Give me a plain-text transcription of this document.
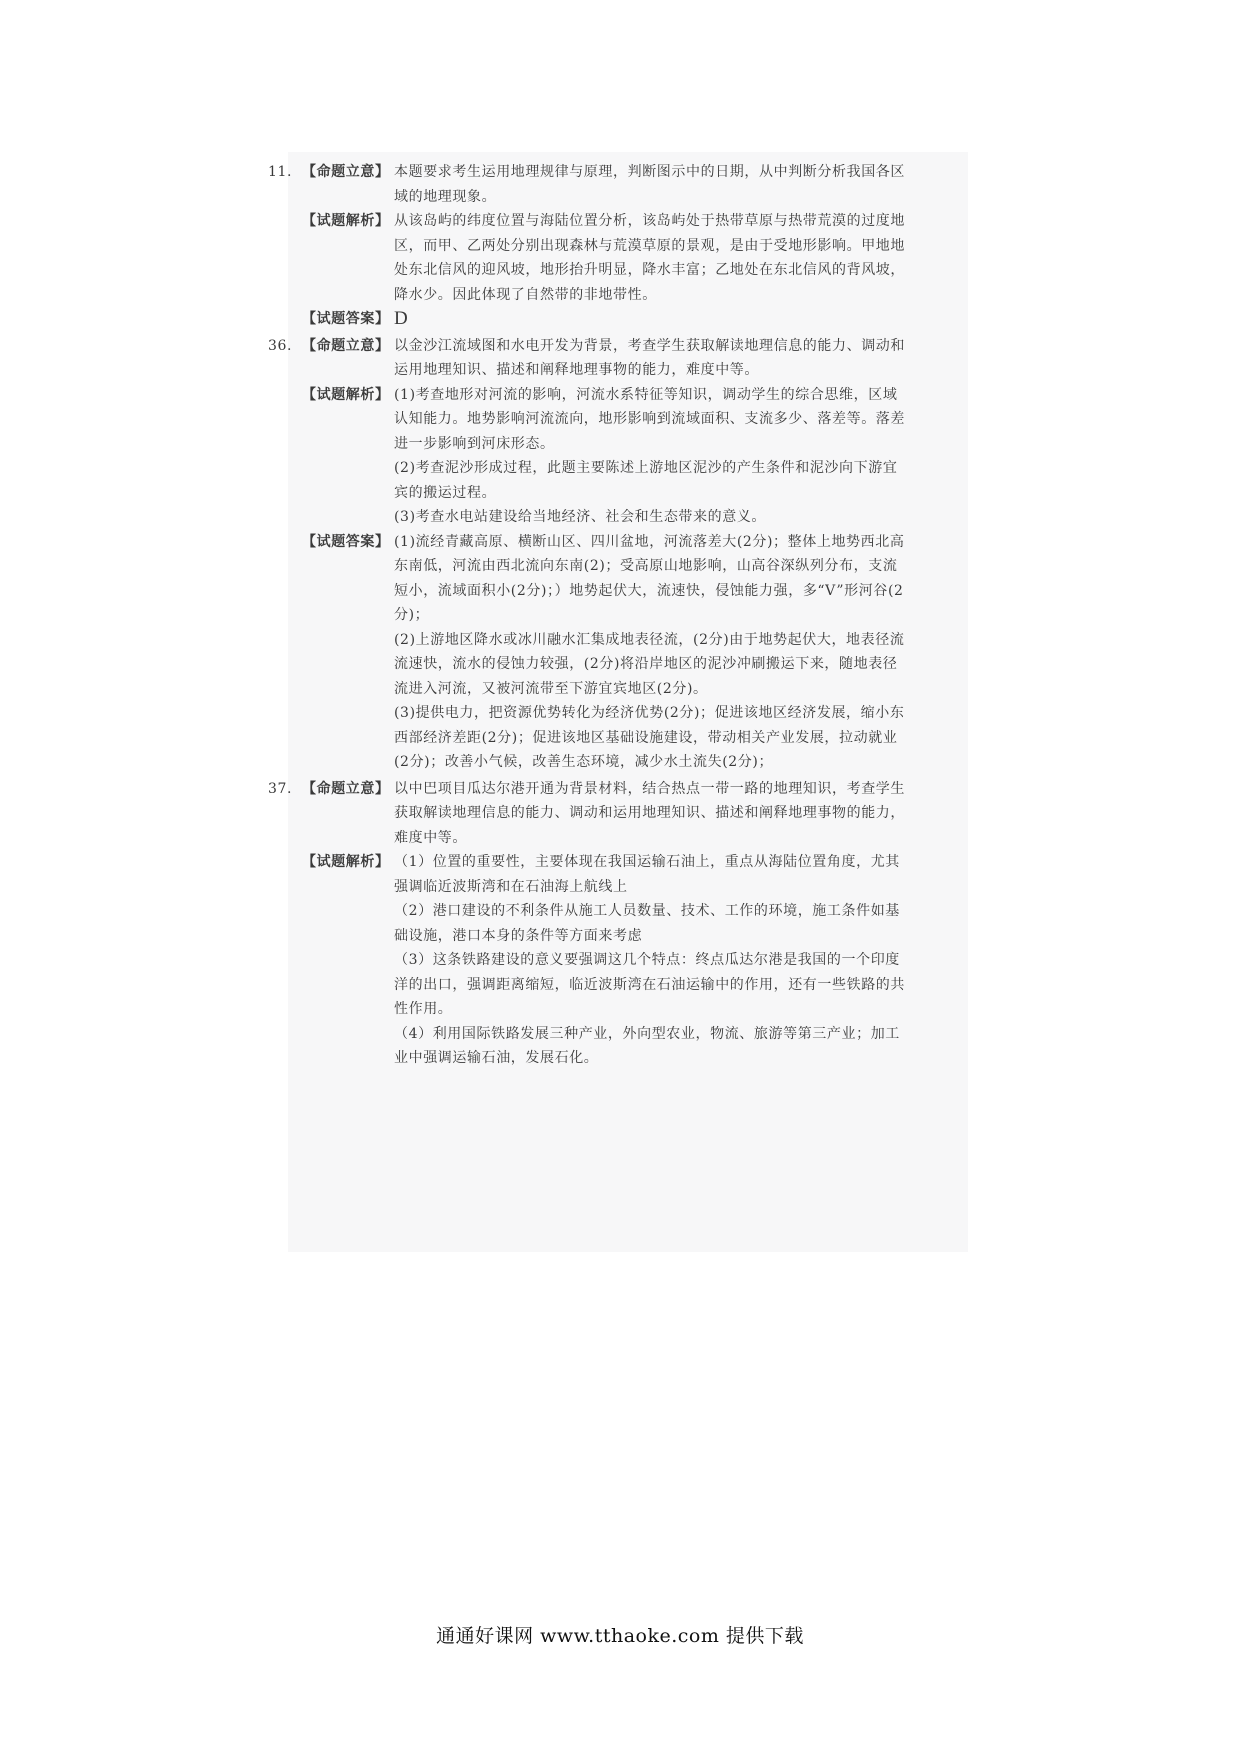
11. 【命题立意】 本题要求考生运用地理规律与原理，判断图示中的日期，从中判断分析我国各区域的地理现象。
【试题解析】 从该岛屿的纬度位置与海陆位置分析，该岛屿处于热带草原与热带荒漠的过度地区，而甲、乙两处分别出现森林与荒漠草原的景观，是由于受地形影响。甲地地处东北信风的迎风坡，地形抬升明显，降水丰富；乙地处在东北信风的背风坡，降水少。因此体现了自然带的非地带性。
【试题答案】 D
36. 【命题立意】 以金沙江流域图和水电开发为背景，考查学生获取解读地理信息的能力、调动和运用地理知识、描述和阐释地理事物的能力，难度中等。
【试题解析】 (1)考查地形对河流的影响，河流水系特征等知识，调动学生的综合思维，区域认知能力。地势影响河流流向，地形影响到流域面积、支流多少、落差等。落差进一步影响到河床形态。
(2)考查泥沙形成过程，此题主要陈述上游地区泥沙的产生条件和泥沙向下游宜宾的搬运过程。
(3)考查水电站建设给当地经济、社会和生态带来的意义。
【试题答案】 (1)流经青藏高原、横断山区、四川盆地，河流落差大(2分)；整体上地势西北高东南低，河流由西北流向东南(2)；受高原山地影响，山高谷深纵列分布，支流短小，流域面积小(2分)；）地势起伏大，流速快，侵蚀能力强，多“V”形河谷(2分)；
(2)上游地区降水或冰川融水汇集成地表径流，(2分)由于地势起伏大，地表径流流速快，流水的侵蚀力较强，(2分)将沿岸地区的泥沙冲刷搬运下来，随地表径流进入河流，又被河流带至下游宜宾地区(2分)。
(3)提供电力，把资源优势转化为经济优势(2分)；促进该地区经济发展，缩小东西部经济差距(2分)；促进该地区基础设施建设，带动相关产业发展，拉动就业(2分)；改善小气候，改善生态环境，减少水土流失(2分)；
37. 【命题立意】 以中巴项目瓜达尔港开通为背景材料，结合热点一带一路的地理知识，考查学生获取解读地理信息的能力、调动和运用地理知识、描述和阐释地理事物的能力，难度中等。
【试题解析】 （1）位置的重要性，主要体现在我国运输石油上，重点从海陆位置角度，尤其强调临近波斯湾和在石油海上航线上
（2）港口建设的不利条件从施工人员数量、技术、工作的环境，施工条件如基础设施，港口本身的条件等方面来考虑
（3）这条铁路建设的意义要强调这几个特点：终点瓜达尔港是我国的一个印度洋的出口，强调距离缩短，临近波斯湾在石油运输中的作用，还有一些铁路的共性作用。
（4）利用国际铁路发展三种产业，外向型农业，物流、旅游等第三产业；加工业中强调运输石油，发展石化。
通通好课网 www.tthaoke.com 提供下载
